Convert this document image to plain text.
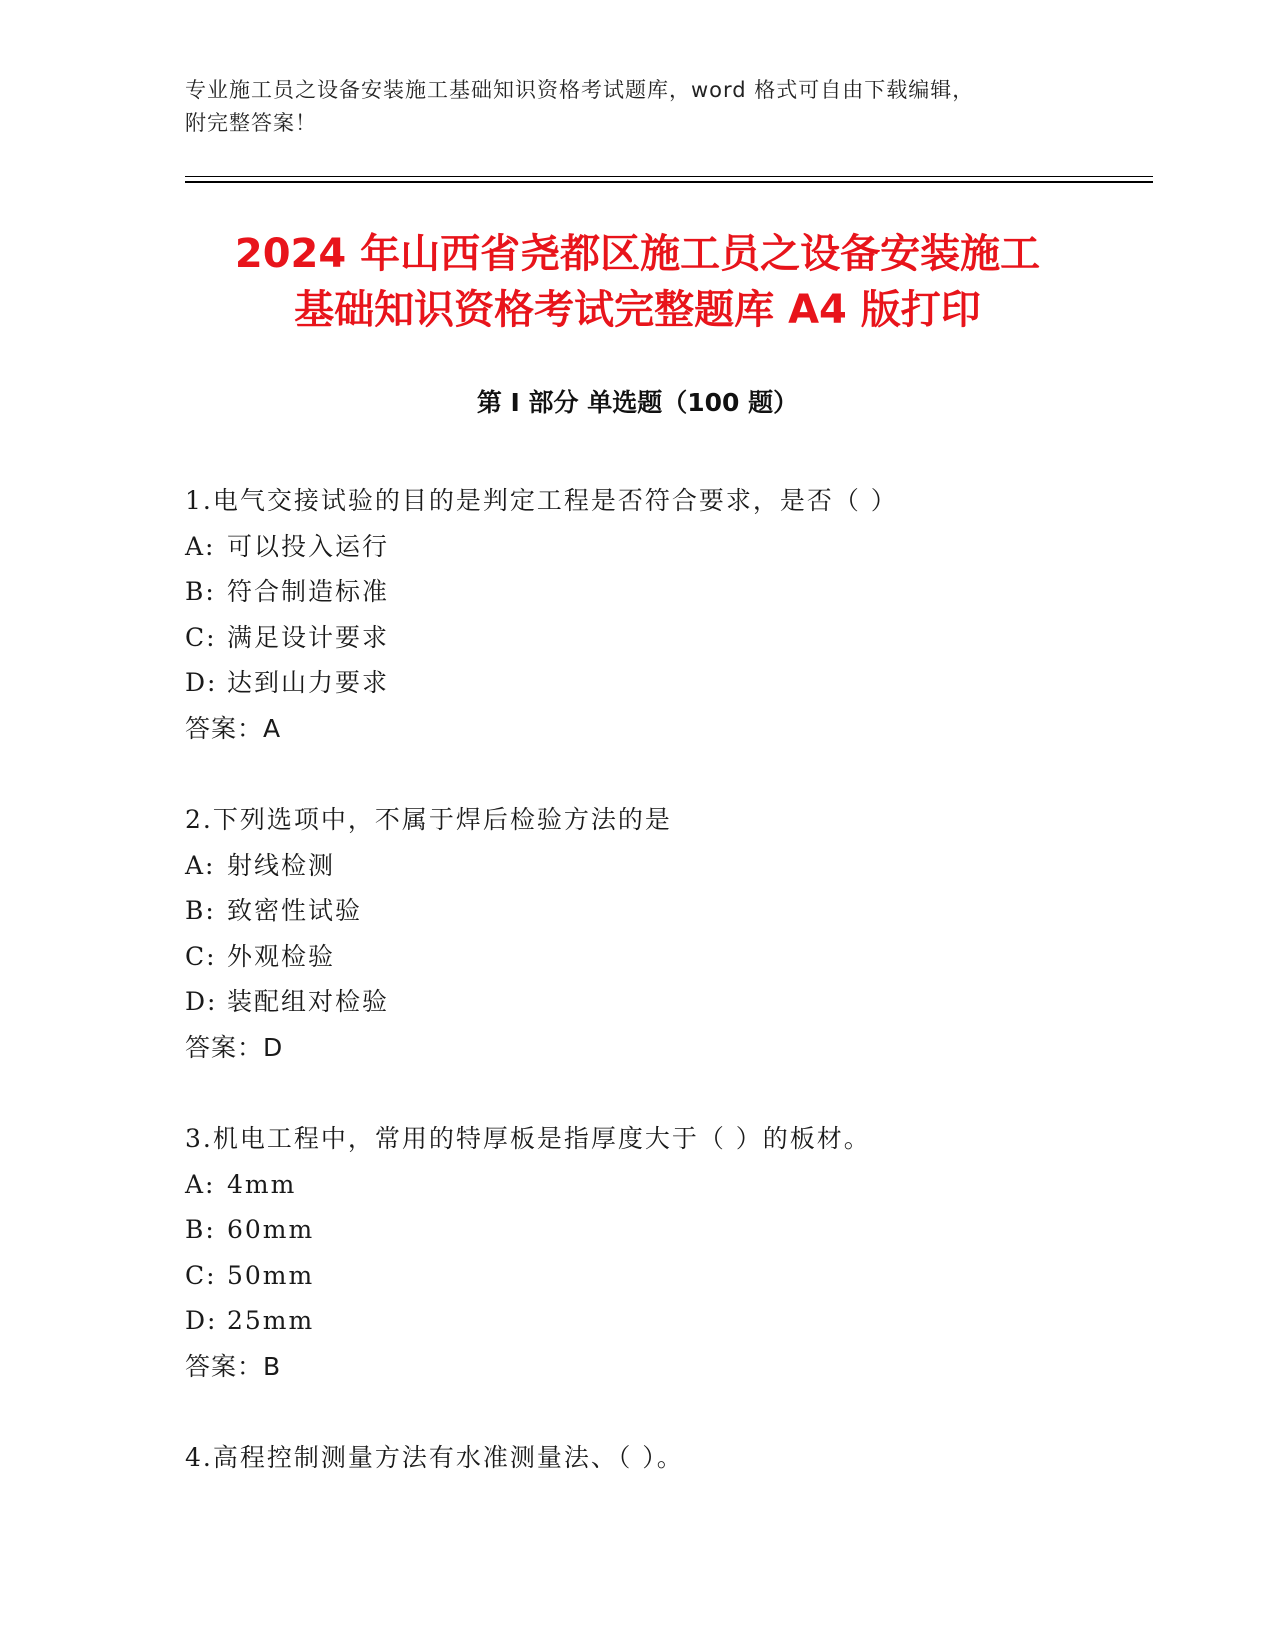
专业施工员之设备安装施工基础知识资格考试题库，word 格式可自由下载编辑，
附完整答案！
2024 年山西省尧都区施工员之设备安装施工
基础知识资格考试完整题库 A4 版打印
第 I 部分 单选题（100 题）
1.电气交接试验的目的是判定工程是否符合要求，是否（ ）
A: 可以投入运行
B: 符合制造标准
C: 满足设计要求
D: 达到山力要求
答案：A
2.下列选项中，不属于焊后检验方法的是
A: 射线检测
B: 致密性试验
C: 外观检验
D: 装配组对检验
答案：D
3.机电工程中，常用的特厚板是指厚度大于（ ）的板材。
A: 4mm
B: 60mm
C: 50mm
D: 25mm
答案：B
4.高程控制测量方法有水准测量法、（ ）。
